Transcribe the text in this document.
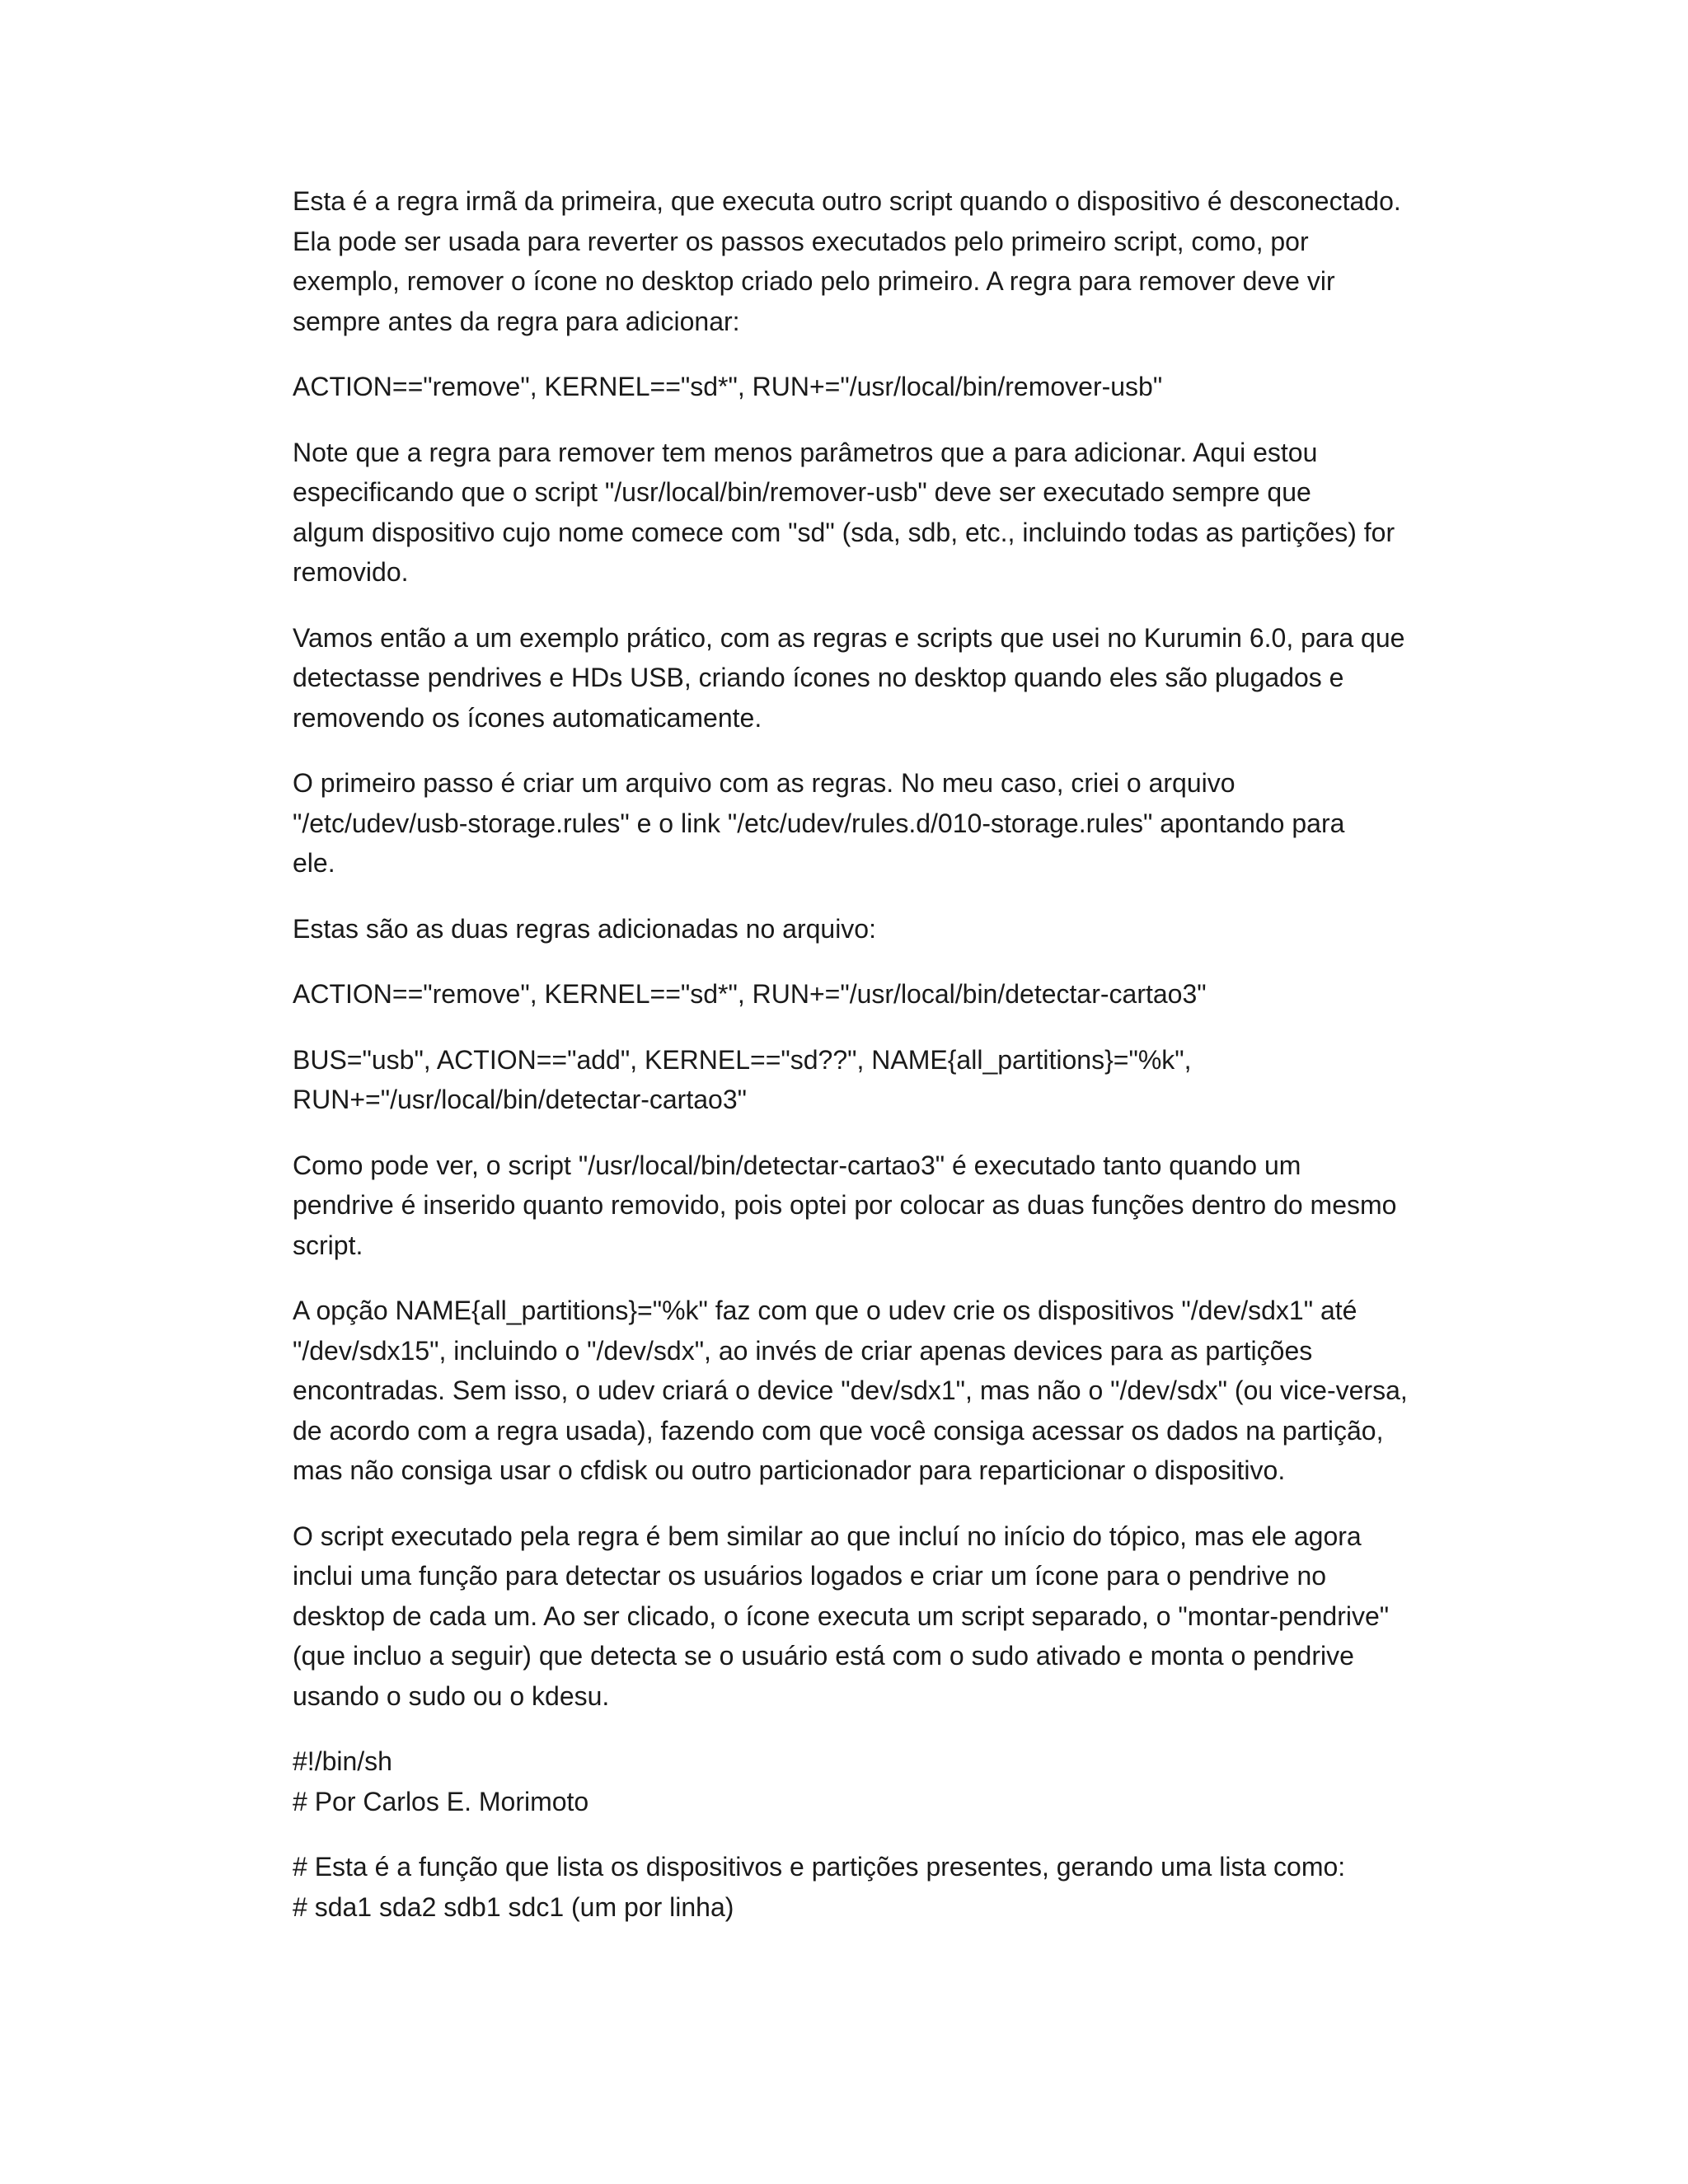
Esta é a regra irmã da primeira, que executa outro script quando o dispositivo é desconectado.
Ela pode ser usada para reverter os passos executados pelo primeiro script, como, por
exemplo, remover o ícone no desktop criado pelo primeiro. A regra para remover deve vir
sempre antes da regra para adicionar:

ACTION=="remove", KERNEL=="sd*", RUN+="/usr/local/bin/remover-usb"

Note que a regra para remover tem menos parâmetros que a para adicionar. Aqui estou
especificando que o script "/usr/local/bin/remover-usb" deve ser executado sempre que
algum dispositivo cujo nome comece com "sd" (sda, sdb, etc., incluindo todas as partições) for
removido.

Vamos então a um exemplo prático, com as regras e scripts que usei no Kurumin 6.0, para que
detectasse pendrives e HDs USB, criando ícones no desktop quando eles são plugados e
removendo os ícones automaticamente.

O primeiro passo é criar um arquivo com as regras. No meu caso, criei o arquivo
"/etc/udev/usb-storage.rules" e o link "/etc/udev/rules.d/010-storage.rules" apontando para
ele.

Estas são as duas regras adicionadas no arquivo:

ACTION=="remove", KERNEL=="sd*", RUN+="/usr/local/bin/detectar-cartao3"

BUS="usb", ACTION=="add", KERNEL=="sd??", NAME{all_partitions}="%k",
RUN+="/usr/local/bin/detectar-cartao3"

Como pode ver, o script "/usr/local/bin/detectar-cartao3" é executado tanto quando um
pendrive é inserido quanto removido, pois optei por colocar as duas funções dentro do mesmo
script.

A opção NAME{all_partitions}="%k" faz com que o udev crie os dispositivos "/dev/sdx1" até
"/dev/sdx15", incluindo o "/dev/sdx", ao invés de criar apenas devices para as partições
encontradas. Sem isso, o udev criará o device "dev/sdx1", mas não o "/dev/sdx" (ou vice-versa,
de acordo com a regra usada), fazendo com que você consiga acessar os dados na partição,
mas não consiga usar o cfdisk ou outro particionador para reparticionar o dispositivo.

O script executado pela regra é bem similar ao que incluí no início do tópico, mas ele agora
inclui uma função para detectar os usuários logados e criar um ícone para o pendrive no
desktop de cada um. Ao ser clicado, o ícone executa um script separado, o "montar-pendrive"
(que incluo a seguir) que detecta se o usuário está com o sudo ativado e monta o pendrive
usando o sudo ou o kdesu.

#!/bin/sh
# Por Carlos E. Morimoto

# Esta é a função que lista os dispositivos e partições presentes, gerando uma lista como:
# sda1 sda2 sdb1 sdc1 (um por linha)
